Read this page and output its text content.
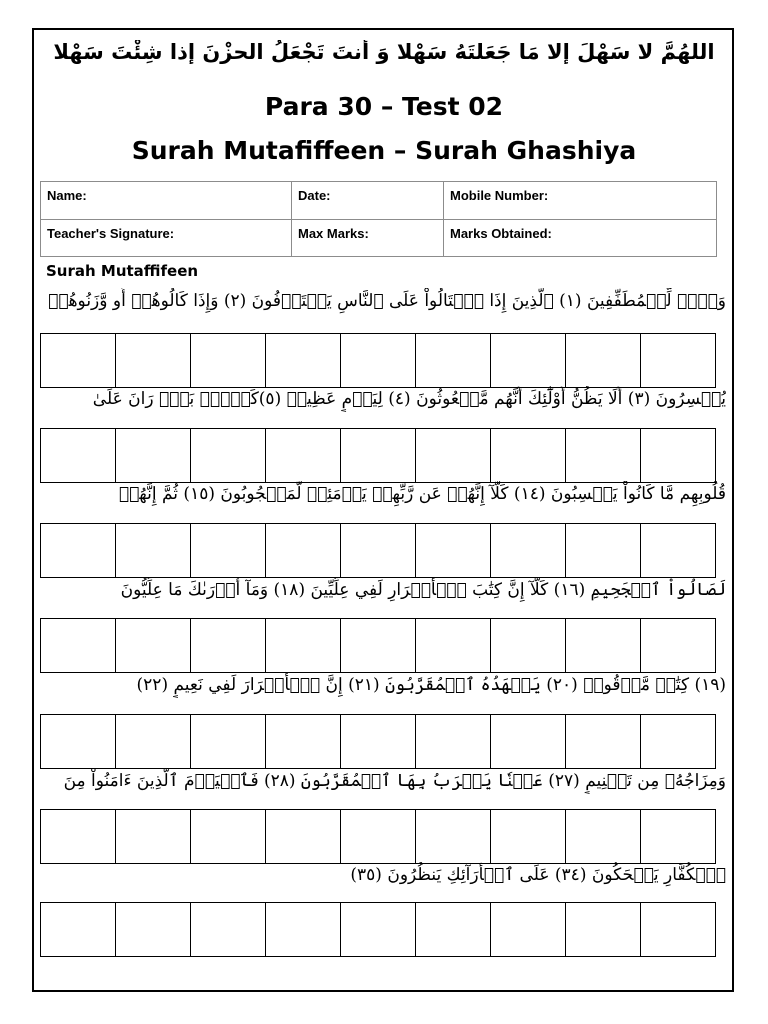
اللهُمَّ لا سَهْلَ إلا مَا جَعَلتَهُ سَهْلا وَ أنتَ تَجْعَلُ الحزْنَ إذا شِئْتَ سَهْلا
Para 30 – Test 02
Surah Mutafiffeen – Surah Ghashiya
Name:	Date:	Mobile Number:
Teacher's Signature:	Max Marks:	Marks Obtained:
Surah Mutaffifeen
وَيۡلٞ لِّلۡمُطَفِّفِينَ (١) ٱلَّذِينَ إِذَا ٱكۡتَالُواْ عَلَى ٱلنَّاسِ يَسۡتَوۡفُونَ (٢) وَإِذَا كَالُوهُمۡ أَو وَّزَنُوهُمۡ
يُخۡسِرُونَ (٣) أَلَا يَظُنُّ أُوْلَٰٓئِكَ أَنَّهُم مَّبۡعُوثُونَ (٤) لِيَوۡمٍ عَظِيمٖ (٥)كَلَّاۖ بَلۡۜ رَانَ عَلَىٰ
قُلُوبِهِم مَّا كَانُواْ يَكۡسِبُونَ (١٤) كَلَّآ إِنَّهُمۡ عَن رَّبِّهِمۡ يَوۡمَئِذٖ لَّمَحۡجُوبُونَ (١٥) ثُمَّ إِنَّهُمۡ
لَصَالُواْ ٱلۡجَحِيمِ (١٦) كَلَّآ إِنَّ كِتَٰبَ ٱلۡأَبۡرَارِ لَفِي عِلِّيِّينَ (١٨) وَمَآ أَدۡرَىٰكَ مَا عِلِّيُّونَ
(١٩) كِتَٰبٞ مَّرۡقُومٞ (٢٠) يَشۡهَدُهُ ٱلۡمُقَرَّبُونَ (٢١) إِنَّ ٱلۡأَبۡرَارَ لَفِي نَعِيمٍ (٢٢)
وَمِزَاجُهُۥ مِن تَسۡنِيمٍ (٢٧) عَيۡنٗا يَشۡرَبُ بِهَا ٱلۡمُقَرَّبُونَ (٢٨) فَٱلۡيَوۡمَ ٱلَّذِينَ ءَامَنُواْ مِنَ
ٱلۡكُفَّارِ يَضۡحَكُونَ (٣٤) عَلَى ٱلۡأَرَآئِكِ يَنظُرُونَ (٣٥)
